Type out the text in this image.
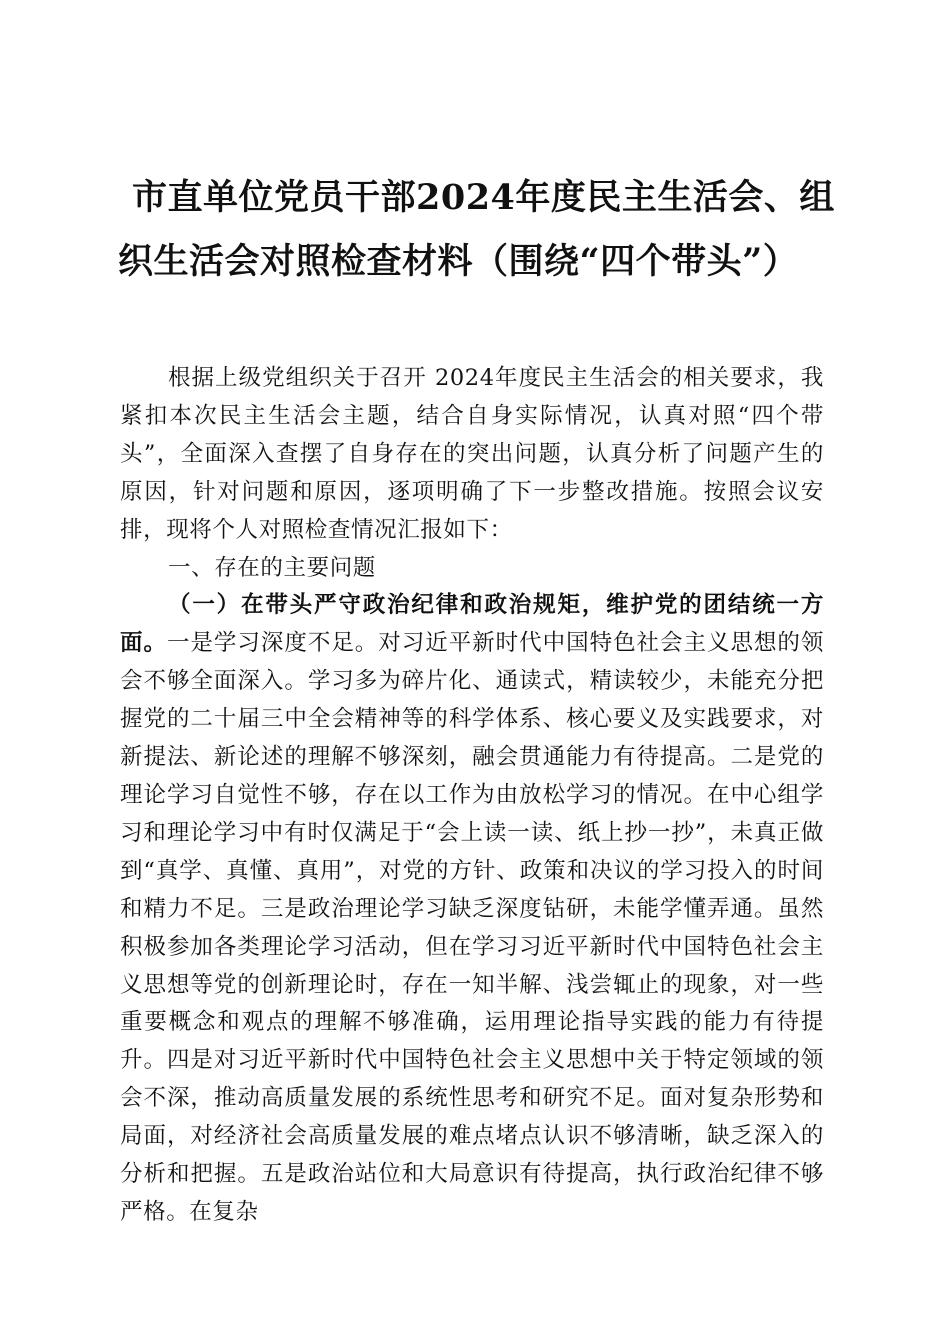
市直单位党员干部2024年度民主生活会、组
织生活会对照检查材料（围绕“四个带头”）

根据上级党组织关于召开 2024年度民主生活会的相关要求，我紧扣本次民主生活会主题，结合自身实际情况，认真对照“四个带头”，全面深入查摆了自身存在的突出问题，认真分析了问题产生的原因，针对问题和原因，逐项明确了下一步整改措施。按照会议安排，现将个人对照检查情况汇报如下：

一、存在的主要问题

（一）在带头严守政治纪律和政治规矩，维护党的团结统一方面。一是学习深度不足。对习近平新时代中国特色社会主义思想的领会不够全面深入。学习多为碎片化、通读式，精读较少，未能充分把握党的二十届三中全会精神等的科学体系、核心要义及实践要求，对新提法、新论述的理解不够深刻，融会贯通能力有待提高。二是党的理论学习自觉性不够，存在以工作为由放松学习的情况。在中心组学习和理论学习中有时仅满足于“会上读一读、纸上抄一抄”，未真正做到“真学、真懂、真用”，对党的方针、政策和决议的学习投入的时间和精力不足。三是政治理论学习缺乏深度钻研，未能学懂弄通。虽然积极参加各类理论学习活动，但在学习习近平新时代中国特色社会主义思想等党的创新理论时，存在一知半解、浅尝辄止的现象，对一些重要概念和观点的理解不够准确，运用理论指导实践的能力有待提升。四是对习近平新时代中国特色社会主义思想中关于特定领域的领会不深，推动高质量发展的系统性思考和研究不足。面对复杂形势和局面，对经济社会高质量发展的难点堵点认识不够清晰，缺乏深入的分析和把握。五是政治站位和大局意识有待提高，执行政治纪律不够严格。在复杂
